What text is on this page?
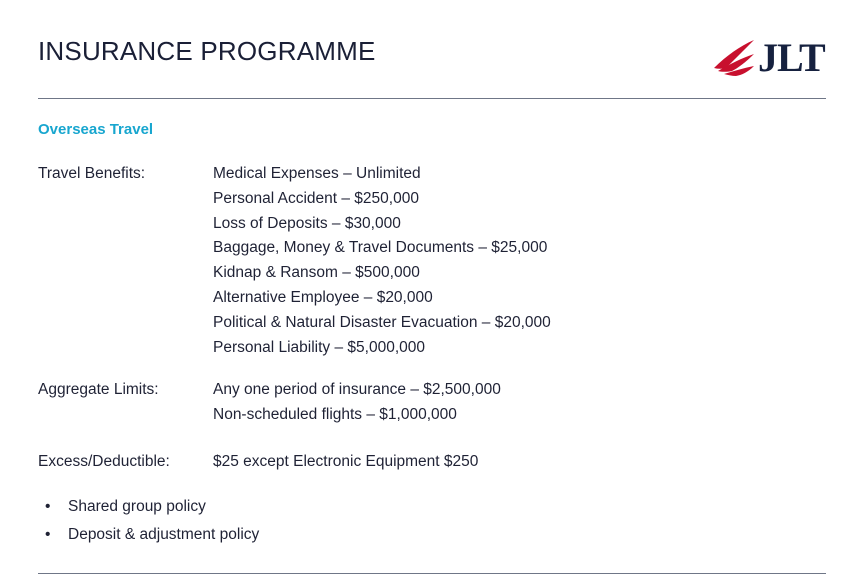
INSURANCE PROGRAMME	JLT
Overseas Travel
Travel Benefits:	Medical Expenses – Unlimited
Personal Accident – $250,000
Loss of Deposits – $30,000
Baggage, Money & Travel Documents – $25,000
Kidnap & Ransom – $500,000
Alternative Employee – $20,000
Political & Natural Disaster Evacuation – $20,000
Personal Liability – $5,000,000
Aggregate Limits:	Any one period of insurance – $2,500,000
Non-scheduled flights – $1,000,000
Excess/Deductible:	$25 except Electronic Equipment $250
• Shared group policy
• Deposit & adjustment policy
